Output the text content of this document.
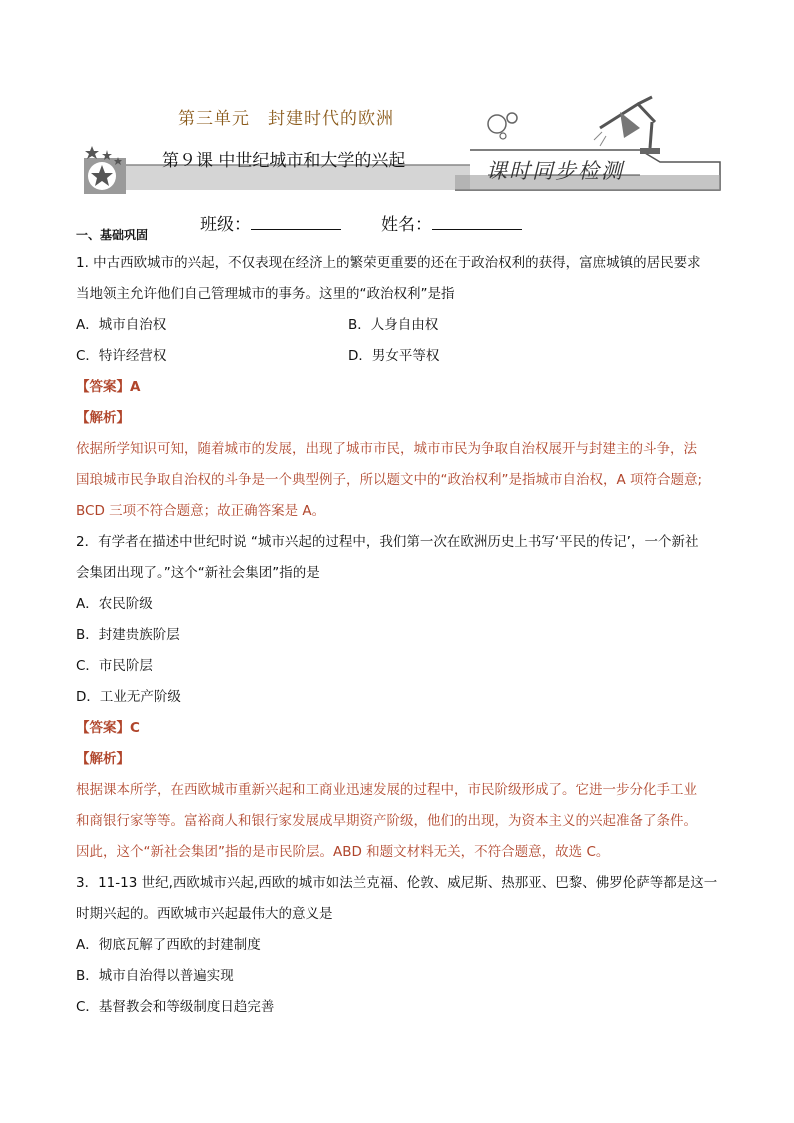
第三单元　封建时代的欧洲
第９课 中世纪城市和大学的兴起	课时同步检测
班级：	姓名：

一、基础巩固

1. 中古西欧城市的兴起，不仅表现在经济上的繁荣更重要的还在于政治权利的获得，富庶城镇的居民要求

当地领主允许他们自己管理城市的事务。这里的“政治权利”是指

A．城市自治权	B．人身自由权
C．特许经营权	D．男女平等权

【答案】A

【解析】

依据所学知识可知，随着城市的发展，出现了城市市民，城市市民为争取自治权展开与封建主的斗争，法

国琅城市民争取自治权的斗争是一个典型例子，所以题文中的“政治权利”是指城市自治权，A 项符合题意;

BCD 三项不符合题意；故正确答案是 A。

2．有学者在描述中世纪时说 “城市兴起的过程中，我们第一次在欧洲历史上书写‘平民的传记’，一个新社

会集团出现了。”这个“新社会集团”指的是

A．农民阶级

B．封建贵族阶层

C．市民阶层

D．工业无产阶级

【答案】C

【解析】

根据课本所学，在西欧城市重新兴起和工商业迅速发展的过程中，市民阶级形成了。它进一步分化手工业

和商银行家等等。富裕商人和银行家发展成早期资产阶级，他们的出现，为资本主义的兴起准备了条件。

因此，这个“新社会集团”指的是市民阶层。ABD 和题文材料无关，不符合题意，故选 C。

3．11-13 世纪,西欧城市兴起,西欧的城市如法兰克福、伦敦、威尼斯、热那亚、巴黎、佛罗伦萨等都是这一

时期兴起的。西欧城市兴起最伟大的意义是

A．彻底瓦解了西欧的封建制度

B．城市自治得以普遍实现

C．基督教会和等级制度日趋完善
